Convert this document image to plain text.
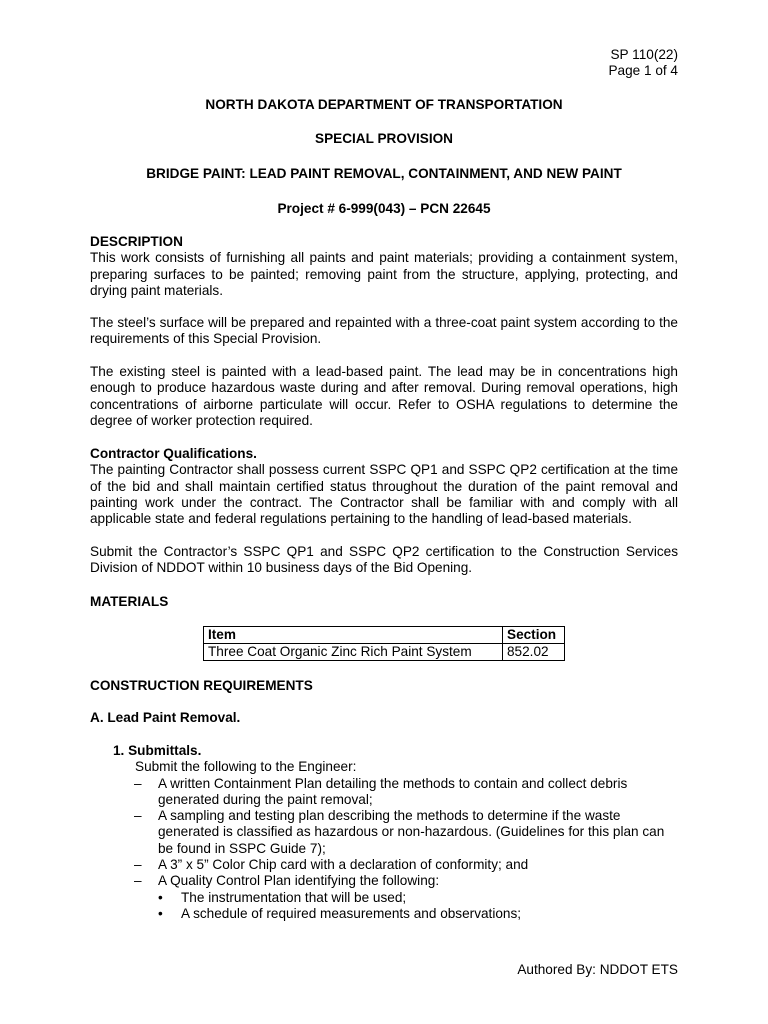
SP 110(22)
Page 1 of 4
NORTH DAKOTA DEPARTMENT OF TRANSPORTATION
SPECIAL PROVISION
BRIDGE PAINT: LEAD PAINT REMOVAL, CONTAINMENT, AND NEW PAINT
Project # 6-999(043) – PCN 22645

DESCRIPTION

This work consists of furnishing all paints and paint materials; providing a containment system, preparing surfaces to be painted; removing paint from the structure, applying, protecting, and drying paint materials.

The steel’s surface will be prepared and repainted with a three-coat paint system according to the requirements of this Special Provision.

The existing steel is painted with a lead-based paint. The lead may be in concentrations high enough to produce hazardous waste during and after removal. During removal operations, high concentrations of airborne particulate will occur. Refer to OSHA regulations to determine the degree of worker protection required.

Contractor Qualifications.

The painting Contractor shall possess current SSPC QP1 and SSPC QP2 certification at the time of the bid and shall maintain certified status throughout the duration of the paint removal and painting work under the contract. The Contractor shall be familiar with and comply with all applicable state and federal regulations pertaining to the handling of lead-based materials.

Submit the Contractor’s SSPC QP1 and SSPC QP2 certification to the Construction Services Division of NDDOT within 10 business days of the Bid Opening.

MATERIALS
Item	Section
Three Coat Organic Zinc Rich Paint System	852.02
CONSTRUCTION REQUIREMENTS
A. Lead Paint Removal.

1. Submittals.

Submit the following to the Engineer:

– A written Containment Plan detailing the methods to contain and collect debris generated during the paint removal;
– A sampling and testing plan describing the methods to determine if the waste generated is classified as hazardous or non-hazardous. (Guidelines for this plan can be found in SSPC Guide 7);
– A 3” x 5” Color Chip card with a declaration of conformity; and
– A Quality Control Plan identifying the following:
• The instrumentation that will be used;
• A schedule of required measurements and observations;
Authored By: NDDOT ETS
